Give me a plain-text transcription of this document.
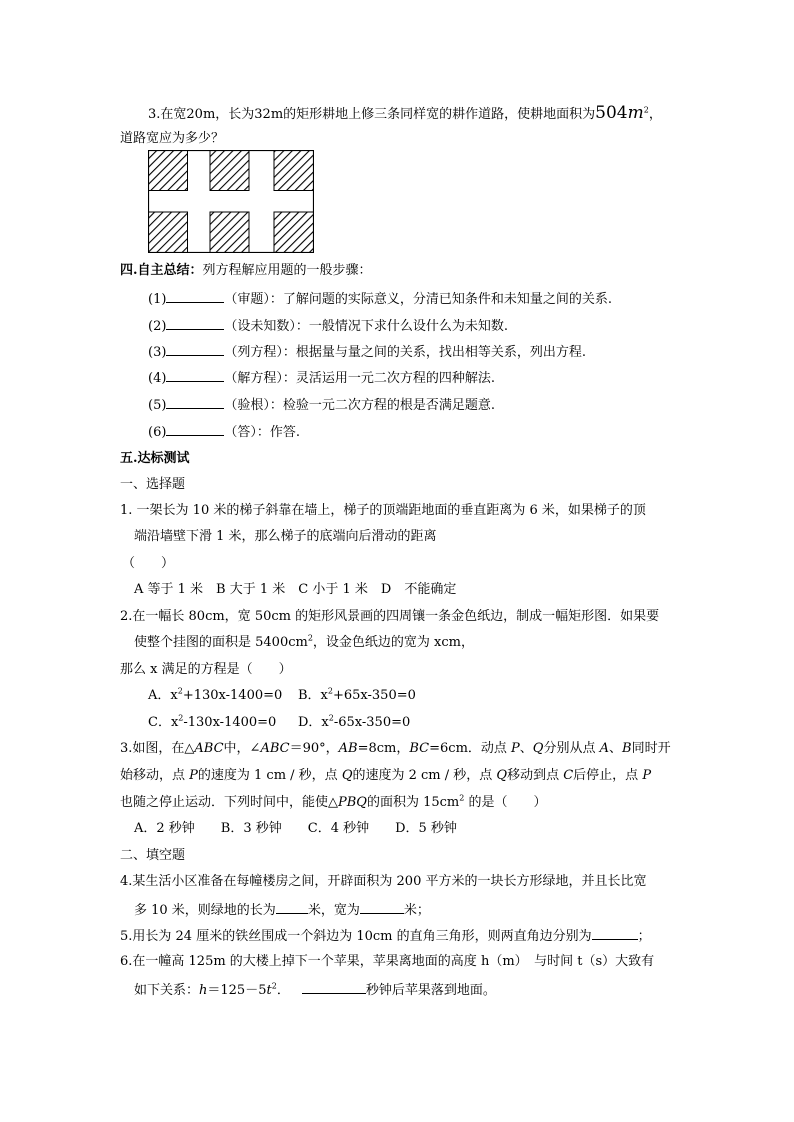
3.在宽20m，长为32m的矩形耕地上修三条同样宽的耕作道路，使耕地面积为$504m^2$，
道路宽应为多少？
四.自主总结：列方程解应用题的一般步骤：
(1)	（审题）：了解问题的实际意义，分清已知条件和未知量之间的关系.
(2)	（设未知数）：一般情况下求什么设什么为未知数.
(3)	（列方程）：根据量与量之间的关系，找出相等关系，列出方程.
(4)	（解方程）：灵活运用一元二次方程的四种解法.
(5)	（验根）：检验一元二次方程的根是否满足题意.
(6)	（答）：作答.
五.达标测试
一、选择题
1. 一架长为 10 米的梯子斜靠在墙上，梯子的顶端距地面的垂直距离为 6 米，如果梯子的顶
端沿墙壁下滑 1 米，那么梯子的底端向后滑动的距离
（　　）
A 等于 1 米　B 大于 1 米　C 小于 1 米　D　不能确定
2.在一幅长 80cm，宽 50cm 的矩形风景画的四周镶一条金色纸边，制成一幅矩形图．如果要
使整个挂图的面积是 $5400cm^2$，设金色纸边的宽为 xcm，
那么 x 满足的方程是（　　）
A．$x^2+130x-1400=0$ B．$x^2+65x-350=0$
C．$x^2-130x-1400=0$ D．$x^2-65x-350=0$
3.如图，在△ABC中，∠ABC＝90°，AB=8cm，BC=6cm．动点 P、Q分别从点 A、B同时开
始移动，点 P的速度为 1 cm / 秒，点 Q的速度为 2 cm / 秒，点 Q移动到点 C后停止，点 P
也随之停止运动．下列时间中，能使△PBQ的面积为 $15cm^2$ 的是（　　）
A．2 秒钟　　B．3 秒钟　　C．4 秒钟　　D．5 秒钟
二、填空题
4.某生活小区准备在每幢楼房之间，开辟面积为 200 平方米的一块长方形绿地，并且长比宽
多 10 米，则绿地的长为 米，宽为	米；
5.用长为 24 厘米的铁丝围成一个斜边为 10cm 的直角三角形，则两直角边分别为	；
6.在一幢高 125m 的大楼上掉下一个苹果，苹果离地面的高度 h（m）　与时间 t（s）大致有
如下关系：$h=125-5t^2$．	秒钟后苹果落到地面。
